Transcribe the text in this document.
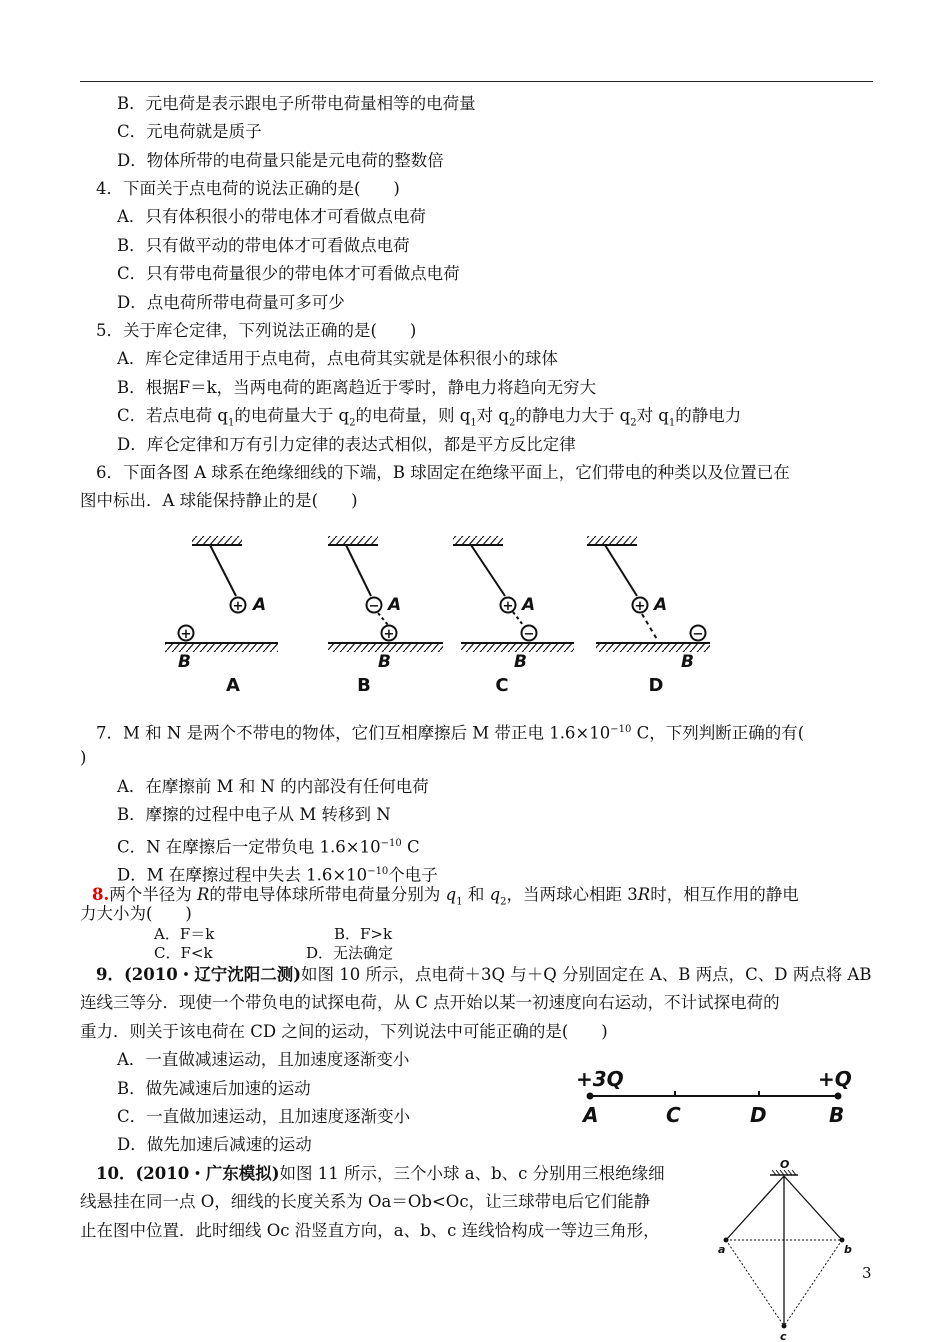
B．元电荷是表示跟电子所带电荷量相等的电荷量
C．元电荷就是质子
D．物体所带的电荷量只能是元电荷的整数倍
4．下面关于点电荷的说法正确的是(　　)
A．只有体积很小的带电体才可看做点电荷
B．只有做平动的带电体才可看做点电荷
C．只有带电荷量很少的带电体才可看做点电荷
D．点电荷所带电荷量可多可少
5．关于库仑定律，下列说法正确的是(　　)
A．库仑定律适用于点电荷，点电荷其实就是体积很小的球体
B．根据F＝k，当两电荷的距离趋近于零时，静电力将趋向无穷大
C．若点电荷 $q_1$的电荷量大于 $q_2$的电荷量，则 $q_1$对 $q_2$的静电力大于 $q_2$对 $q_1$的静电力
D．库仑定律和万有引力定律的表达式相似，都是平方反比定律
6．下面各图 A 球系在绝缘细线的下端，B 球固定在绝缘平面上，它们带电的种类以及位置已在
图中标出．A 球能保持静止的是(　　)
+
+
−
+
+
−
+
−
A
B
A
B
A
B
A
B
A	B	C	D
7．M 和 N 是两个不带电的物体，它们互相摩擦后 M 带正电 $1.6\times 10^{-10}$ C，下列判断正确的有(
)
A．在摩擦前 M 和 N 的内部没有任何电荷
B．摩擦的过程中电子从 M 转移到 N
C．N 在摩擦后一定带负电 $1.6\times 10^{-10}$ C
D．M 在摩擦过程中失去 $1.6\times 10^{-10}$个电子
8.两个半径为 R的带电导体球所带电荷量分别为 $q_1$ 和 $q_2$，当两球心相距 3R时，相互作用的静电
力大小为(　　)
A．F＝k	B．F>k
C．F<k	D．无法确定
9．(2010・辽宁沈阳二测)如图 10 所示，点电荷＋3Q 与＋Q 分别固定在 A、B 两点，C、D 两点将 AB
连线三等分．现使一个带负电的试探电荷，从 C 点开始以某一初速度向右运动，不计试探电荷的
重力．则关于该电荷在 CD 之间的运动，下列说法中可能正确的是(　　)
A．一直做减速运动，且加速度逐渐变小
B．做先减速后加速的运动
C．一直做加速运动，且加速度逐渐变小
D．做先加速后减速的运动
+3Q	+Q
A	C	D	B
10．(2010・广东模拟)如图 11 所示，三个小球 a、b、c 分别用三根绝缘细
线悬挂在同一点 O，细线的长度关系为 Oa＝Ob<Oc，让三球带电后它们能静
止在图中位置．此时细线 Oc 沿竖直方向，a、b、c 连线恰构成一等边三角形，
O
a	b
c
3
